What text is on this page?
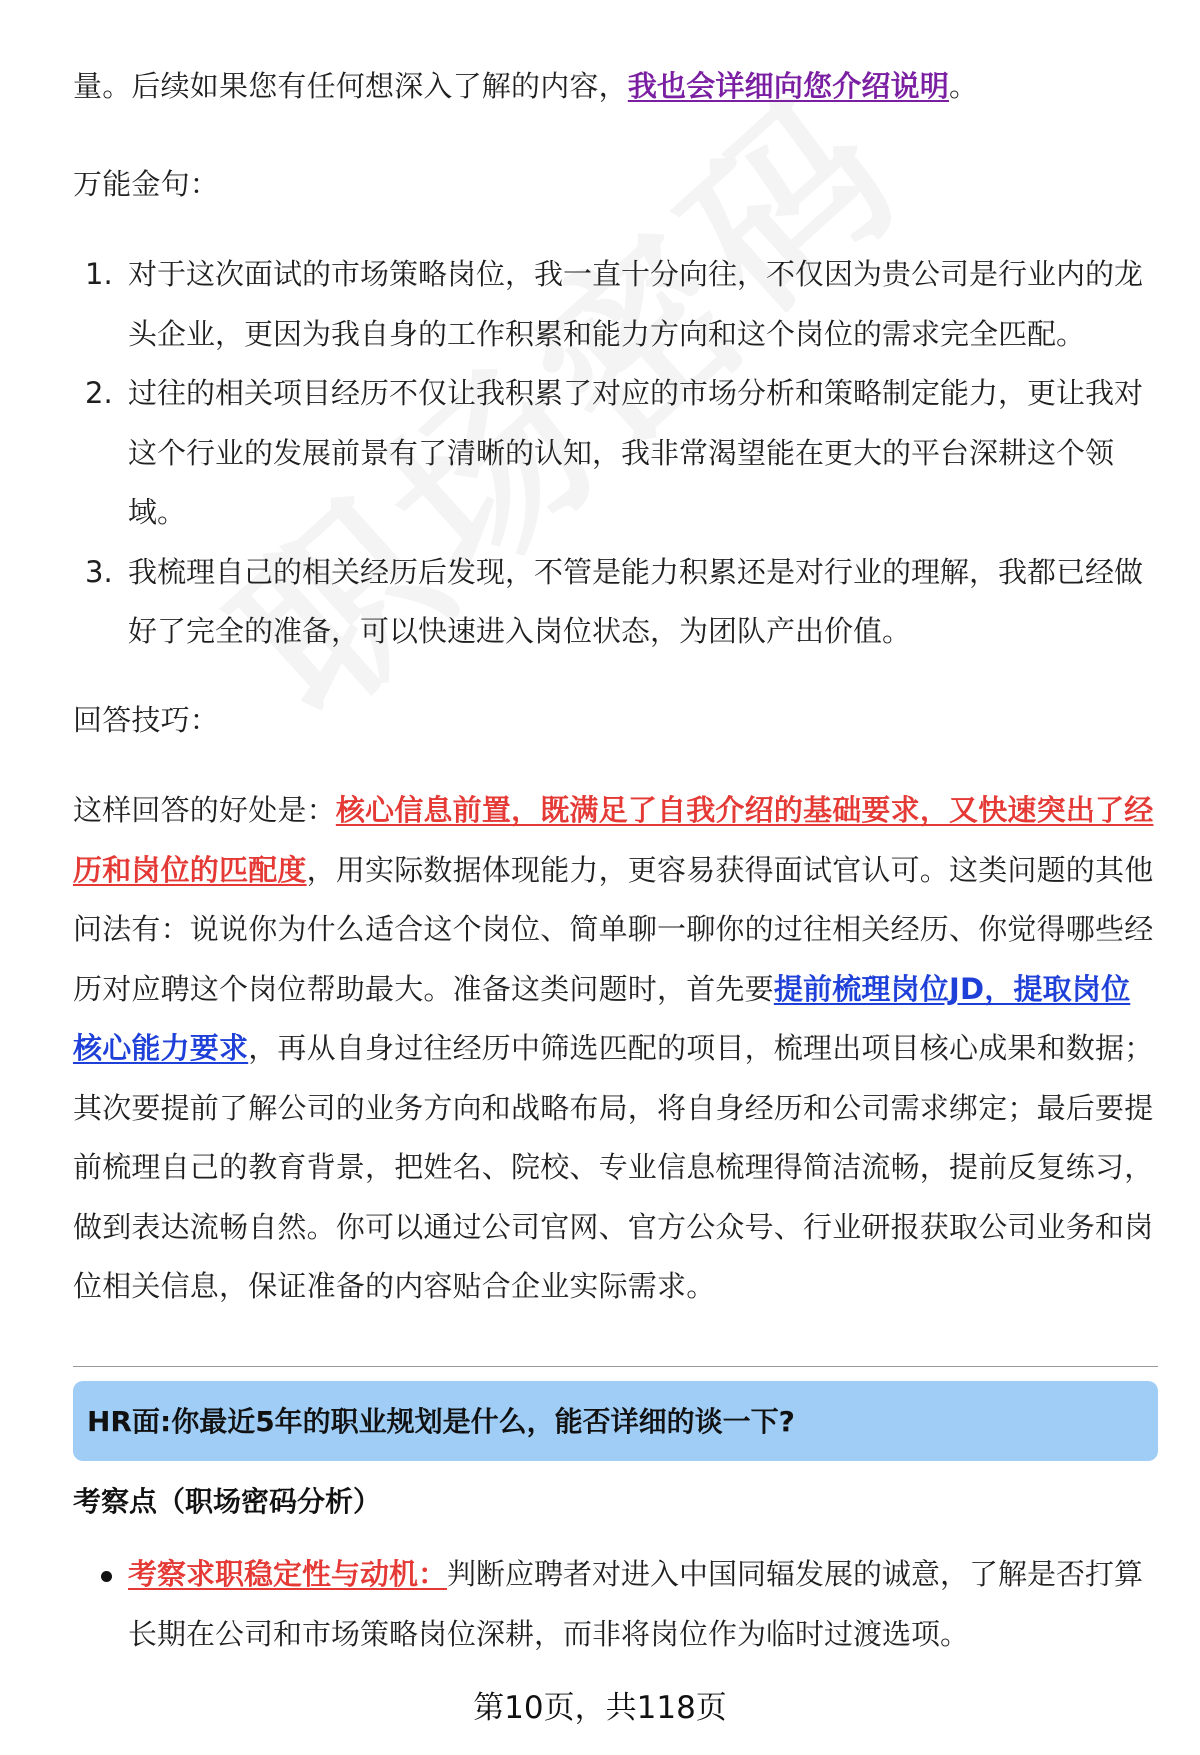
量。后续如果您有任何想深入了解的内容，我也会详细向您介绍说明。

万能金句：

1. 对于这次面试的市场策略岗位，我一直十分向往，不仅因为贵公司是行业内的龙头企业，更因为我自身的工作积累和能力方向和这个岗位的需求完全匹配。
2. 过往的相关项目经历不仅让我积累了对应的市场分析和策略制定能力，更让我对这个行业的发展前景有了清晰的认知，我非常渴望能在更大的平台深耕这个领域。
3. 我梳理自己的相关经历后发现，不管是能力积累还是对行业的理解，我都已经做好了完全的准备，可以快速进入岗位状态，为团队产出价值。

回答技巧：

这样回答的好处是：核心信息前置，既满足了自我介绍的基础要求，又快速突出了经历和岗位的匹配度，用实际数据体现能力，更容易获得面试官认可。这类问题的其他问法有：说说你为什么适合这个岗位、简单聊一聊你的过往相关经历、你觉得哪些经历对应聘这个岗位帮助最大。准备这类问题时，首先要提前梳理岗位JD，提取岗位核心能力要求，再从自身过往经历中筛选匹配的项目，梳理出项目核心成果和数据；其次要提前了解公司的业务方向和战略布局，将自身经历和公司需求绑定；最后要提前梳理自己的教育背景，把姓名、院校、专业信息梳理得简洁流畅，提前反复练习，做到表达流畅自然。你可以通过公司官网、官方公众号、行业研报获取公司业务和岗位相关信息，保证准备的内容贴合企业实际需求。

HR面:你最近5年的职业规划是什么，能否详细的谈一下?
考察点（职场密码分析）
考察求职稳定性与动机：判断应聘者对进入中国同辐发展的诚意，了解是否打算长期在公司和市场策略岗位深耕，而非将岗位作为临时过渡选项。
第10页，共118页
